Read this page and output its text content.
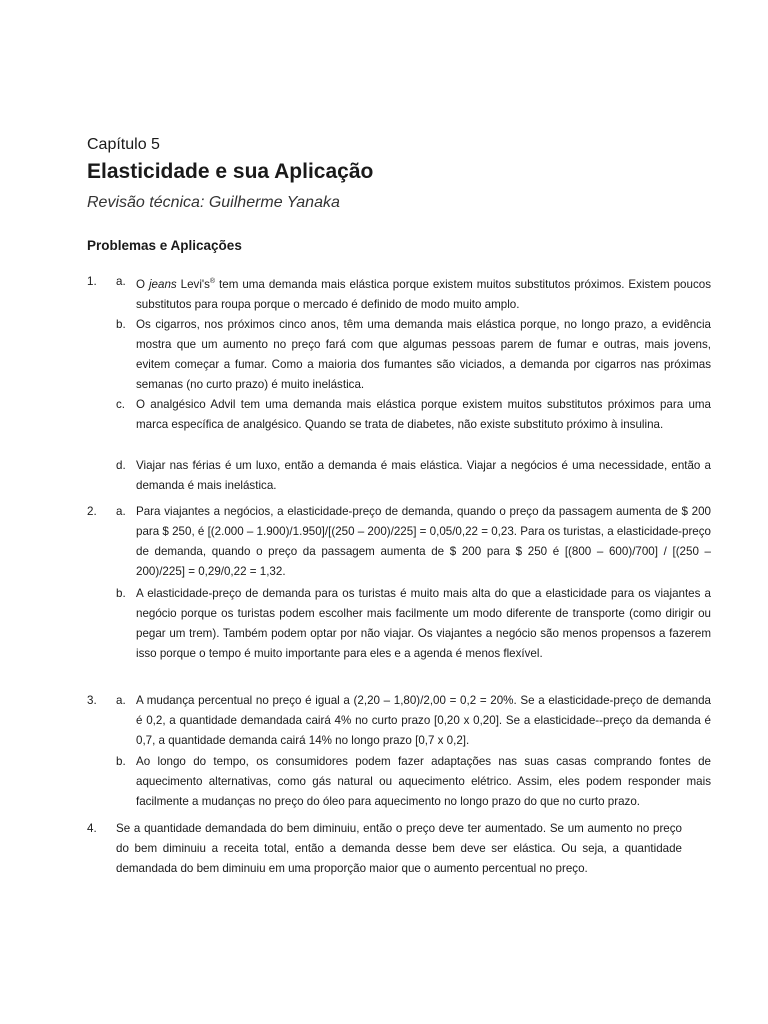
Capítulo 5
Elasticidade e sua Aplicação
Revisão técnica: Guilherme Yanaka
Problemas e Aplicações
1. a. O jeans Levi's® tem uma demanda mais elástica porque existem muitos substitutos próximos. Existem poucos substitutos para roupa porque o mercado é definido de modo muito amplo.
b. Os cigarros, nos próximos cinco anos, têm uma demanda mais elástica porque, no longo prazo, a evidência mostra que um aumento no preço fará com que algumas pessoas parem de fumar e outras, mais jovens, evitem começar a fumar. Como a maioria dos fumantes são viciados, a demanda por cigarros nas próximas semanas (no curto prazo) é muito inelástica.
c. O analgésico Advil tem uma demanda mais elástica porque existem muitos substitutos próximos para uma marca específica de analgésico. Quando se trata de diabetes, não existe substituto próximo à insulina.
d. Viajar nas férias é um luxo, então a demanda é mais elástica. Viajar a negócios é uma necessidade, então a demanda é mais inelástica.
2. a. Para viajantes a negócios, a elasticidade-preço de demanda, quando o preço da passagem aumenta de $ 200 para $ 250, é [(2.000 – 1.900)/1.950]/[(250 – 200)/225] = 0,05/0,22 = 0,23. Para os turistas, a elasticidade-preço de demanda, quando o preço da passagem aumenta de $ 200 para $ 250 é [(800 – 600)/700] / [(250 – 200)/225] = 0,29/0,22 = 1,32.
b. A elasticidade-preço de demanda para os turistas é muito mais alta do que a elasticidade para os viajantes a negócio porque os turistas podem escolher mais facilmente um modo diferente de transporte (como dirigir ou pegar um trem). Também podem optar por não viajar. Os viajantes a negócio são menos propensos a fazerem isso porque o tempo é muito importante para eles e a agenda é menos flexível.
3. a. A mudança percentual no preço é igual a (2,20 – 1,80)/2,00 = 0,2 = 20%. Se a elasticidade-preço de demanda é 0,2, a quantidade demandada cairá 4% no curto prazo [0,20 x 0,20]. Se a elasticidade--preço da demanda é 0,7, a quantidade demanda cairá 14% no longo prazo [0,7 x 0,2].
b. Ao longo do tempo, os consumidores podem fazer adaptações nas suas casas comprando fontes de aquecimento alternativas, como gás natural ou aquecimento elétrico. Assim, eles podem responder mais facilmente a mudanças no preço do óleo para aquecimento no longo prazo do que no curto prazo.
4. Se a quantidade demandada do bem diminuiu, então o preço deve ter aumentado. Se um aumento no preço do bem diminuiu a receita total, então a demanda desse bem deve ser elástica. Ou seja, a quantidade demandada do bem diminuiu em uma proporção maior que o aumento percentual no preço.
